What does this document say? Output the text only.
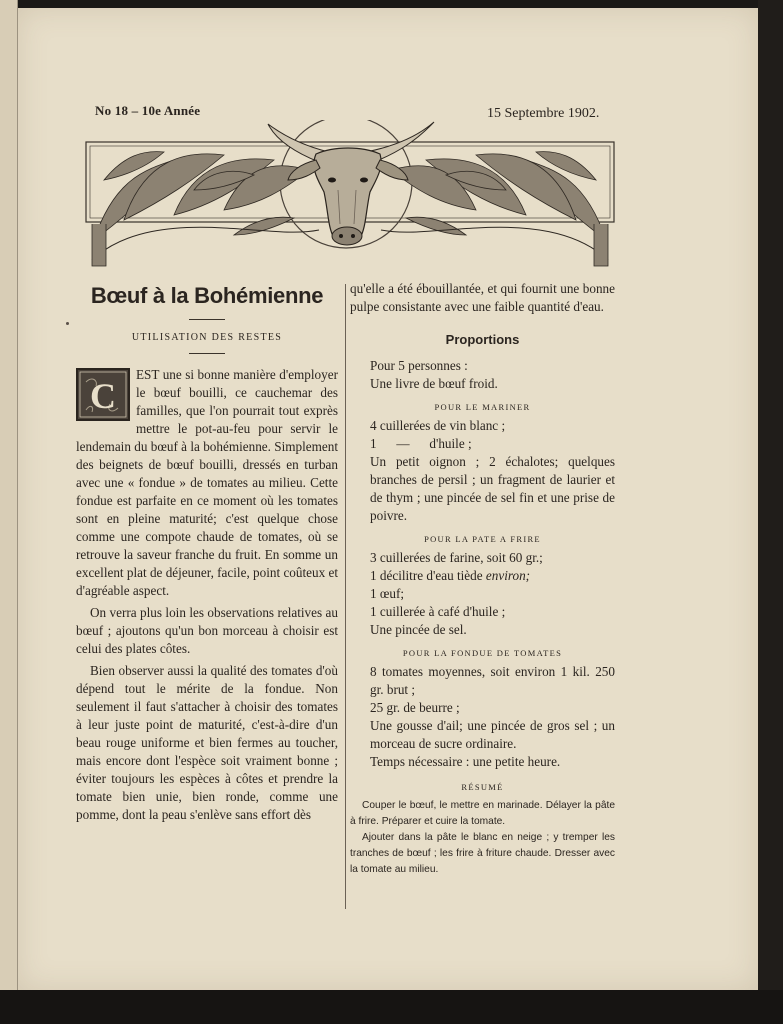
No 18 – 10e Année	15 Septembre 1902.
Bœuf à la Bohémienne
UTILISATION DES RESTES
C
EST une si bonne manière d'employer le bœuf bouilli, ce cauchemar des familles, que l'on pourrait tout exprès mettre le pot-au-feu pour servir le lendemain du bœuf à la bohémienne. Simplement des beignets de bœuf bouilli, dressés en turban avec une « fondue » de tomates au milieu. Cette fondue est parfaite en ce moment où les tomates sont en pleine maturité; c'est quelque chose comme une compote chaude de tomates, où se retrouve la saveur franche du fruit. En somme un excellent plat de déjeuner, facile, point coûteux et d'agréable aspect.
On verra plus loin les observations relatives au bœuf ; ajoutons qu'un bon morceau à choisir est celui des plates côtes.
Bien observer aussi la qualité des tomates d'où dépend tout le mérite de la fondue. Non seulement il faut s'attacher à choisir des tomates à leur juste point de maturité, c'est-à-dire d'un beau rouge uniforme et bien fermes au toucher, mais encore dont l'espèce soit vraiment bonne ; éviter toujours les espèces à côtes et prendre la tomate bien unie, bien ronde, comme une pomme, dont la peau s'enlève sans effort dès
qu'elle a été ébouillantée, et qui fournit une bonne pulpe consistante avec une faible quantité d'eau.
Proportions
Pour 5 personnes :
Une livre de bœuf froid.
POUR LE MARINER
4 cuillerées de vin blanc ;
1      —      d'huile ;
Un petit oignon ; 2 échalotes; quelques branches de persil ; un fragment de laurier et de thym ; une pincée de sel fin et une prise de poivre.
POUR LA PATE A FRIRE
3 cuillerées de farine, soit 60 gr.;
1 décilitre d'eau tiède environ;
1 œuf;
1 cuillerée à café d'huile ;
Une pincée de sel.
POUR LA FONDUE DE TOMATES
8 tomates moyennes, soit environ 1 kil. 250 gr. brut ;
25 gr. de beurre ;
Une gousse d'ail; une pincée de gros sel ; un morceau de sucre ordinaire.
Temps nécessaire : une petite heure.
RÉSUMÉ

Couper le bœuf, le mettre en marinade. Délayer la pâte à frire. Préparer et cuire la tomate.

Ajouter dans la pâte le blanc en neige ; y tremper les tranches de bœuf ; les frire à friture chaude. Dresser avec la tomate au milieu.
